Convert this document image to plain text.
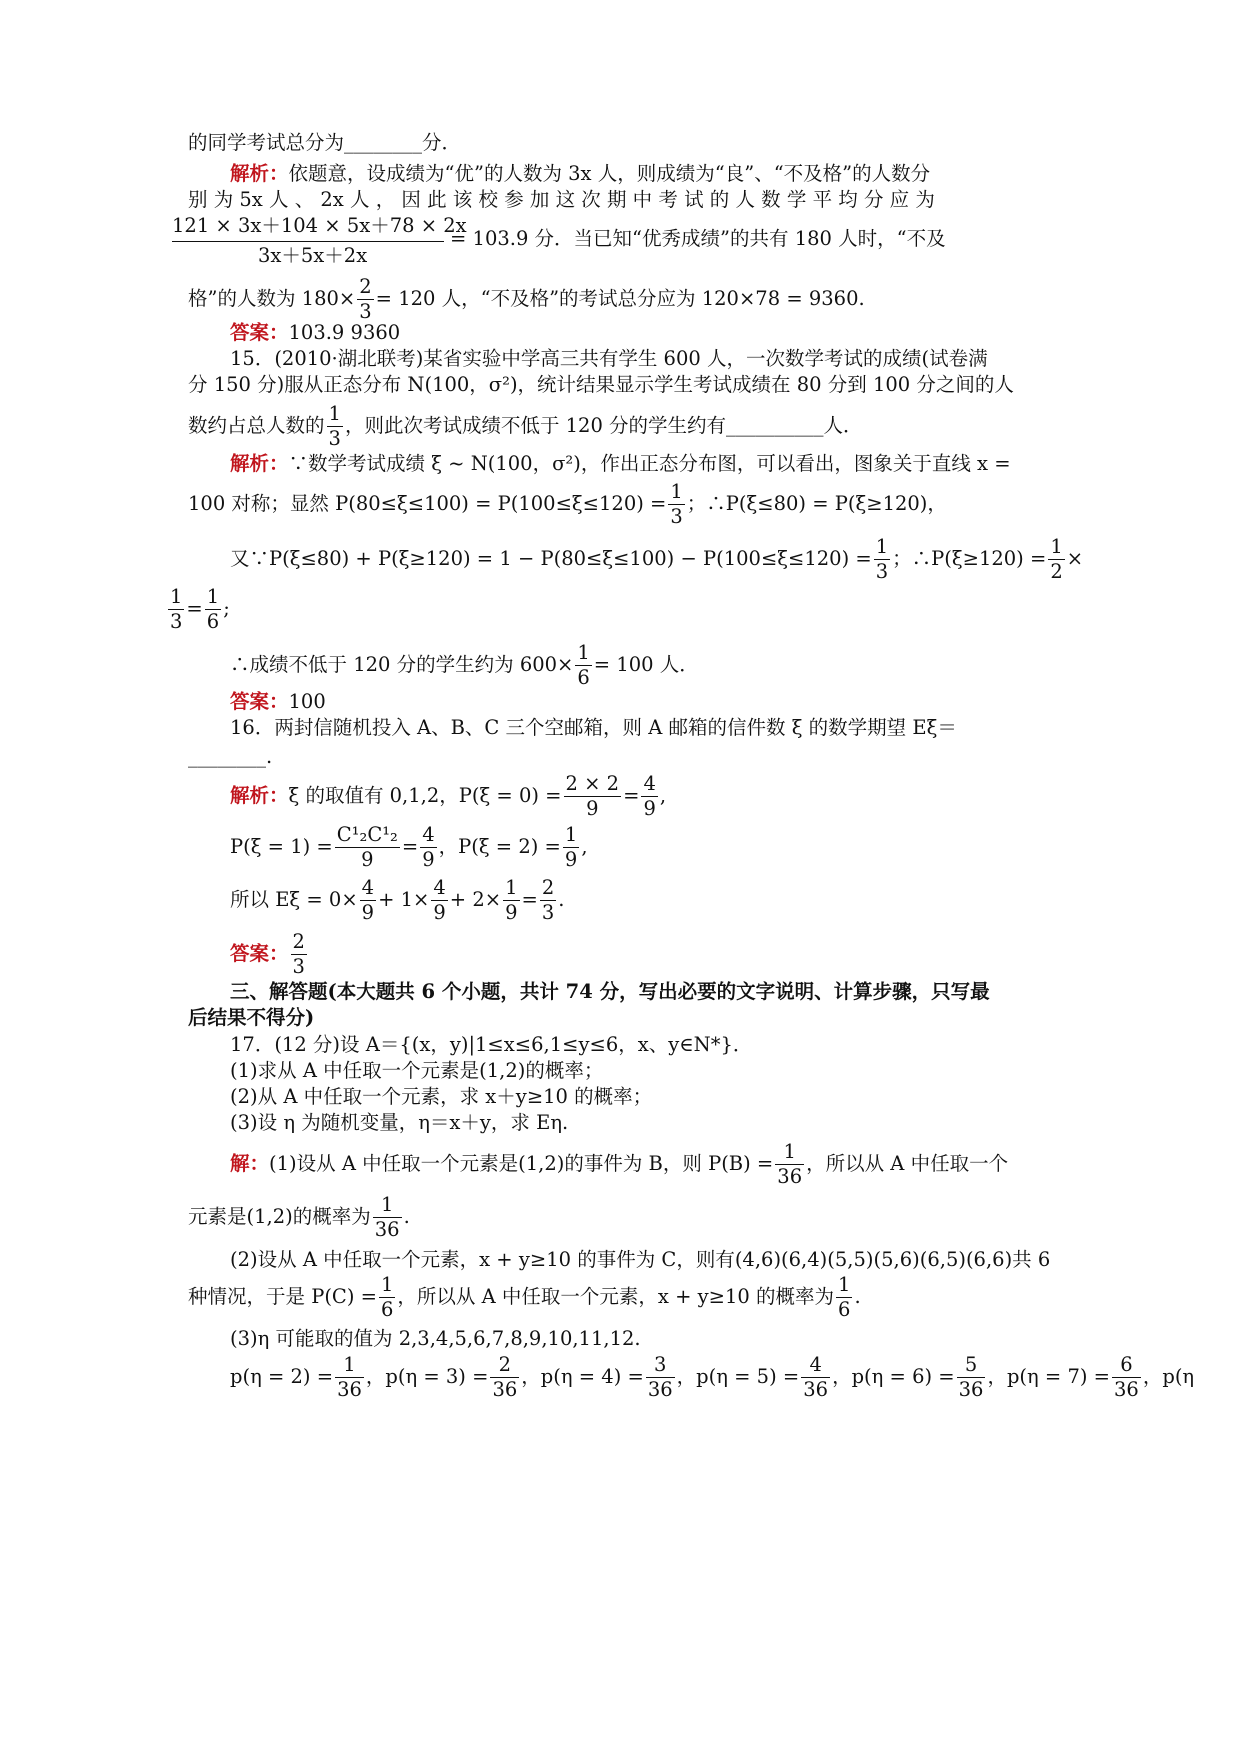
的同学考试总分为________分．
解析：依题意，设成绩为“优”的人数为 3x 人，则成绩为“良”、“不及格”的人数分
别 为 5x 人 、 2x 人 ， 因 此 该 校 参 加 这 次 期 中 考 试 的 人 数 学 平 均 分 应 为
121 × 3x＋104 × 5x＋78 × 2x
3x＋5x＋2x
= 103.9 分．当已知“优秀成绩”的共有 180 人时，“不及
格”的人数为 $180\times \frac{2}{3} = 120$ 人，“不及格”的考试总分应为 120×78 = 9360.
答案：103.9 9360
15．(2010·湖北联考)某省实验中学高三共有学生 600 人，一次数学考试的成绩(试卷满
分 150 分)服从正态分布 N(100，σ²)，统计结果显示学生考试成绩在 80 分到 100 分之间的人
数约占总人数的 $\frac{1}{3}$ ，则此次考试成绩不低于 120 分的学生约有__________人．
解析：∵数学考试成绩 ξ ~ N(100，σ²)，作出正态分布图，可以看出，图象关于直线 x =
100 对称；显然 $P(80\le\xi\le 100) = P(100\le\xi\le 120) = \frac{1}{3}$ ；∴P(ξ≤80) = P(ξ≥120)，
又∵P(ξ≤80) + $P(\xi\ge 120) = 1 - P(80\le\xi\le 100) - P(100\le\xi\le 120) = \frac{1}{3}$ ；∴P(ξ≥120) = $\frac{1}{2}$ ×
$\frac{1}{3} = \frac{1}{6}$ ;
∴成绩不低于 120 分的学生约为 $600\times \frac{1}{6} = 100$ 人．
答案：100
16．两封信随机投入 A、B、C 三个空邮箱，则 A 邮箱的信件数 ξ 的数学期望 Eξ＝
________.
解析：ξ 的取值有 0,1,2，$P(\xi = 0) = \frac{2 \times 2}{9} = \frac{4}{9}$ ,
$P(\xi = 1) = \frac{\text{C¹₂C¹₂}}{9} = \frac{4}{9}$ ，$P(\xi = 2) = \frac{1}{9}$ ,
所以 $E\xi = 0\times \frac{4}{9} + 1\times \frac{4}{9} + 2\times \frac{1}{9} = \frac{2}{3}$ .
答案： $\frac{2}{3}$
三、解答题(本大题共 6 个小题，共计 74 分，写出必要的文字说明、计算步骤，只写最
后结果不得分)
17．(12 分)设 A＝{(x，y)|1≤x≤6,1≤y≤6，x、y∈N*}．
(1)求从 A 中任取一个元素是(1,2)的概率；
(2)从 A 中任取一个元素，求 x＋y≥10 的概率；
(3)设 η 为随机变量，η＝x＋y，求 Eη.
解：(1)设从 A 中任取一个元素是(1,2)的事件为 B，则 $P(B) = \frac{1}{36}$ ，所以从 A 中任取一个
元素是(1,2)的概率为 $\frac{1}{36}$ .
(2)设从 A 中任取一个元素，x + y≥10 的事件为 C，则有(4,6)(6,4)(5,5)(5,6)(6,5)(6,6)共 6
种情况，于是 $P(C) = \frac{1}{6}$ ，所以从 A 中任取一个元素，x + y≥10 的概率为 $\frac{1}{6}$ .
(3)η 可能取的值为 2,3,4,5,6,7,8,9,10,11,12.
$p(\eta = 2) = \frac{1}{36}$ ，$p(\eta = 3) = \frac{2}{36}$ ，$p(\eta = 4) = \frac{3}{36}$ ，$p(\eta = 5) = \frac{4}{36}$ ，$p(\eta = 6) = \frac{5}{36}$ ，$p(\eta = 7) = \frac{6}{36}$ ，p(η
